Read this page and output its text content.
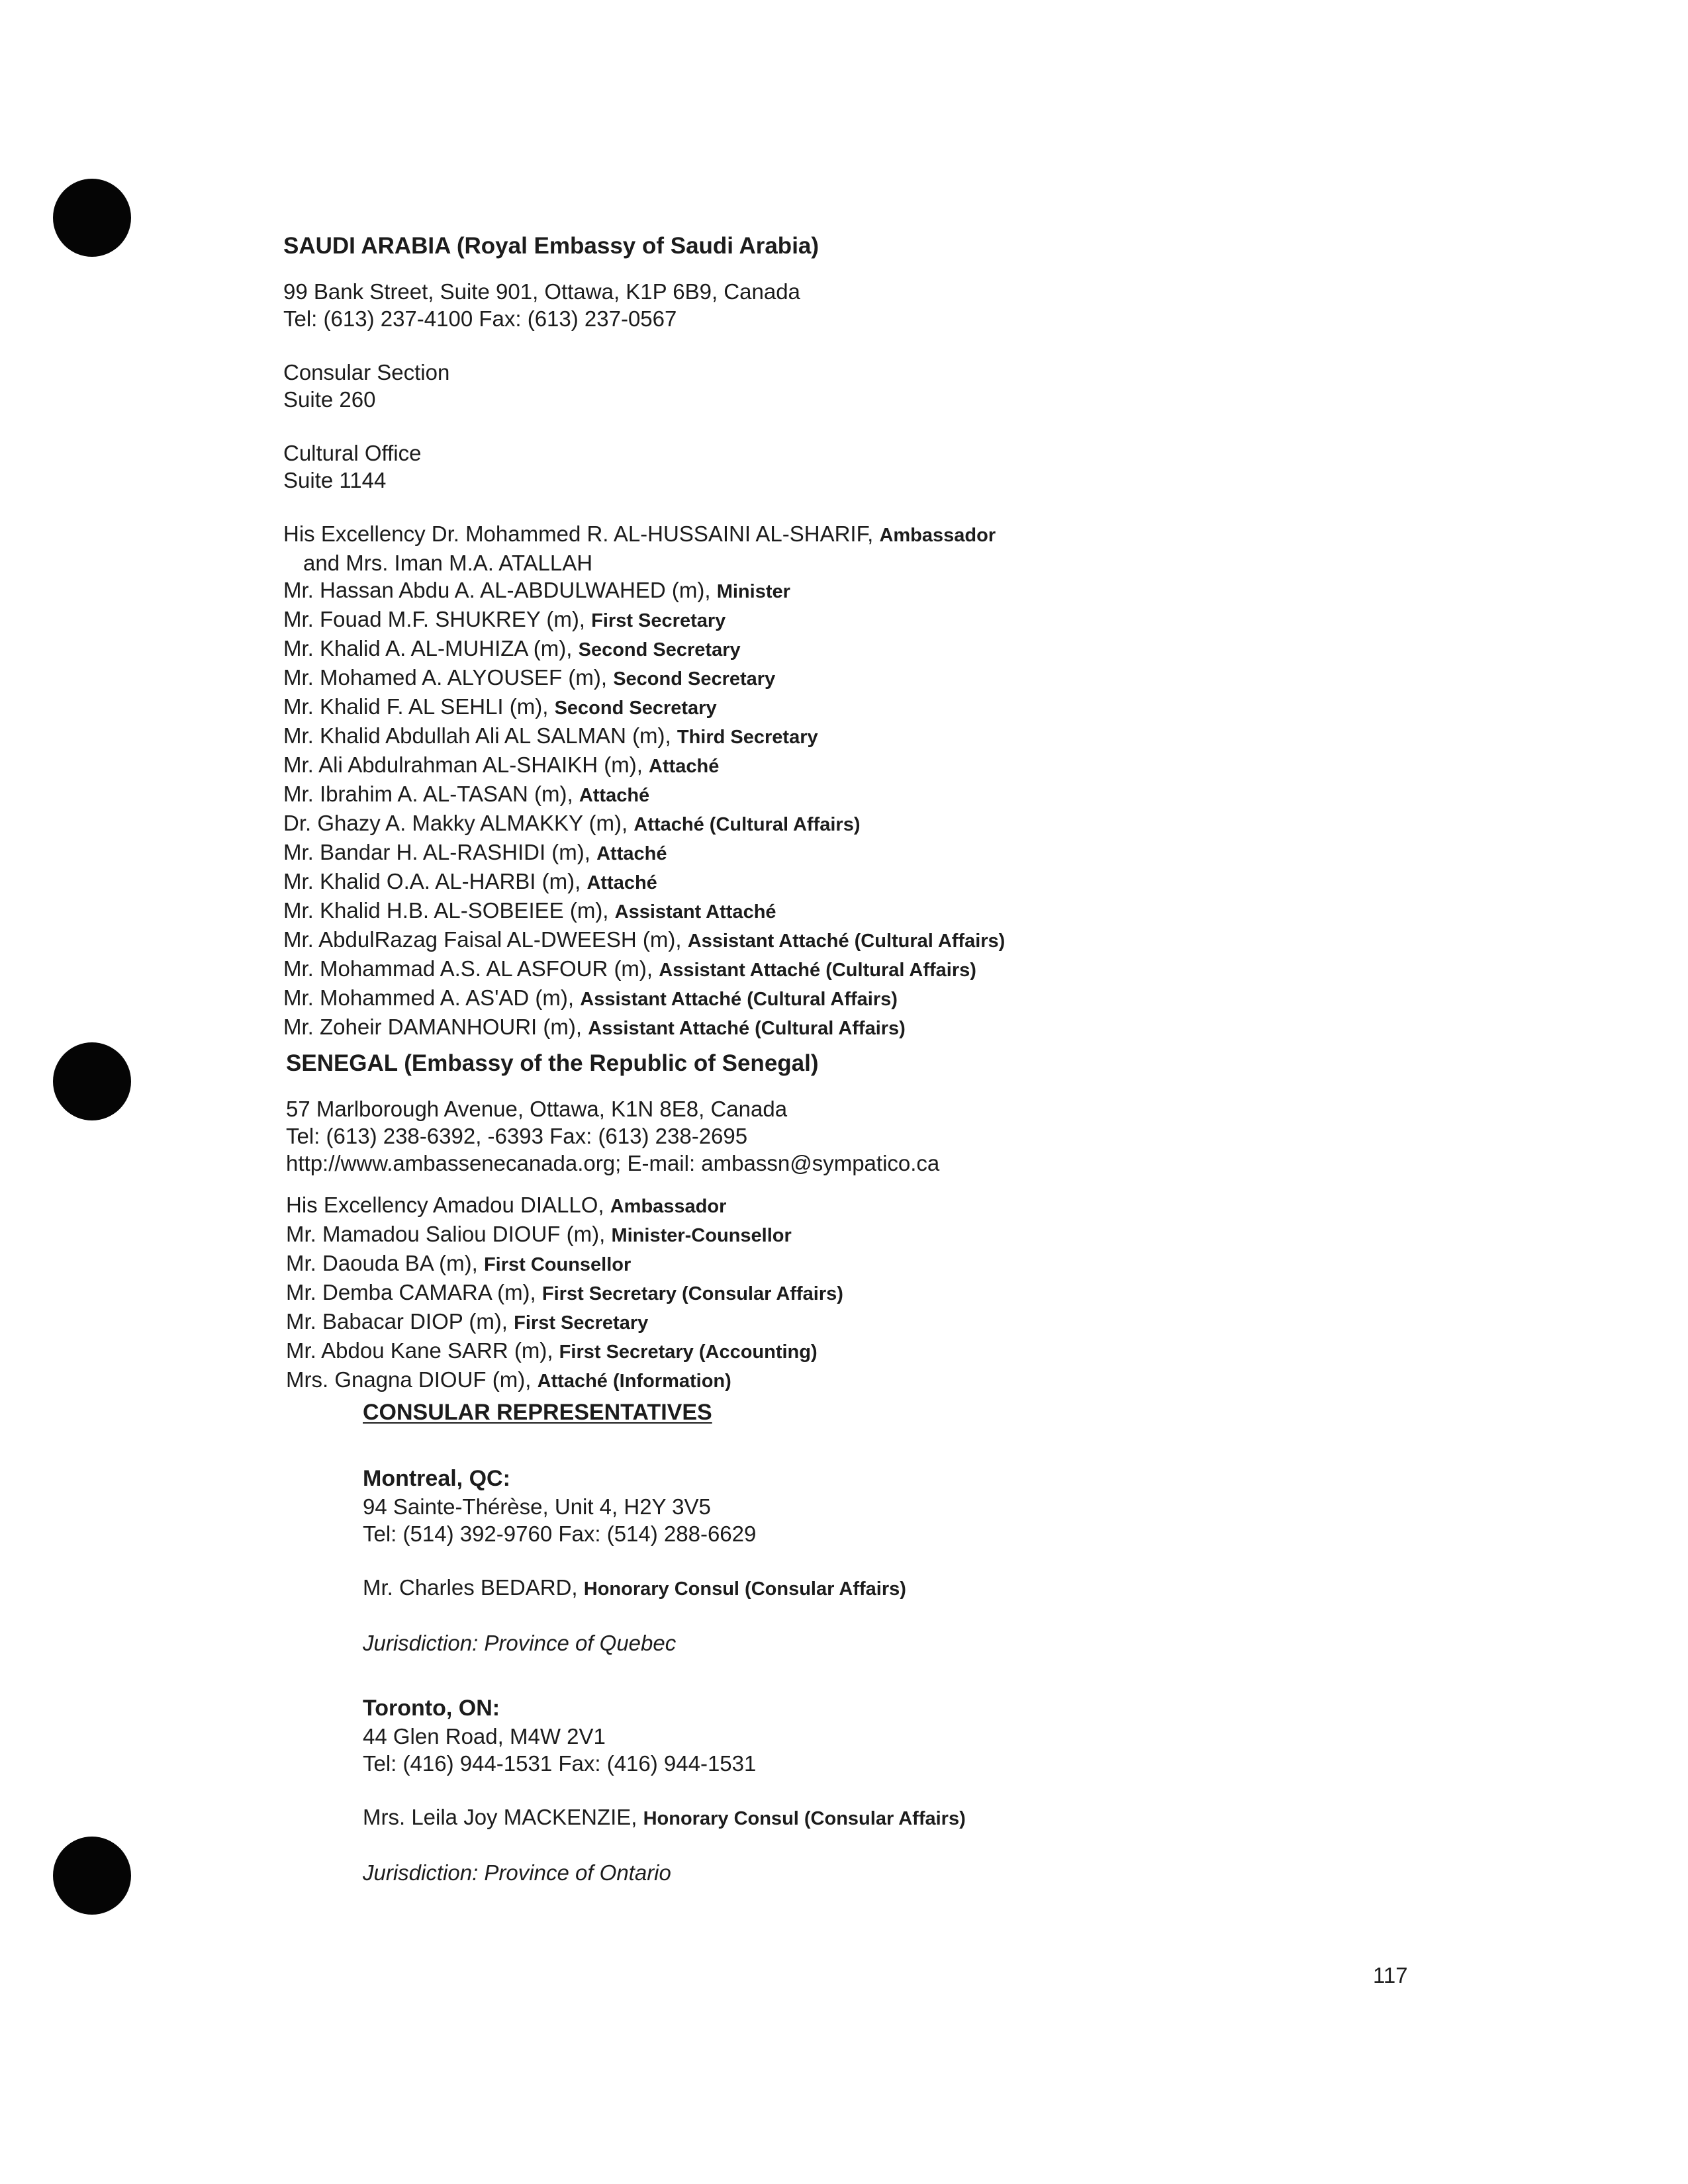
SAUDI ARABIA (Royal Embassy of Saudi Arabia)
99 Bank Street, Suite 901, Ottawa, K1P 6B9, Canada
Tel: (613) 237-4100 Fax: (613) 237-0567
Consular Section
Suite 260
Cultural Office
Suite 1144
His Excellency Dr. Mohammed R. AL-HUSSAINI AL-SHARIF, Ambassador
and Mrs. Iman M.A. ATALLAH
Mr. Hassan Abdu A. AL-ABDULWAHED (m), Minister
Mr. Fouad M.F. SHUKREY (m), First Secretary
Mr. Khalid A. AL-MUHIZA (m), Second Secretary
Mr. Mohamed A. ALYOUSEF (m), Second Secretary
Mr. Khalid F. AL SEHLI (m), Second Secretary
Mr. Khalid Abdullah Ali AL SALMAN (m), Third Secretary
Mr. Ali Abdulrahman AL-SHAIKH (m), Attaché
Mr. Ibrahim A. AL-TASAN (m), Attaché
Dr. Ghazy A. Makky ALMAKKY (m), Attaché (Cultural Affairs)
Mr. Bandar H. AL-RASHIDI (m), Attaché
Mr. Khalid O.A. AL-HARBI (m), Attaché
Mr. Khalid H.B. AL-SOBEIEE (m), Assistant Attaché
Mr. AbdulRazag Faisal AL-DWEESH (m), Assistant Attaché (Cultural Affairs)
Mr. Mohammad A.S. AL ASFOUR (m), Assistant Attaché (Cultural Affairs)
Mr. Mohammed A. AS'AD (m), Assistant Attaché (Cultural Affairs)
Mr. Zoheir DAMANHOURI (m), Assistant Attaché (Cultural Affairs)
SENEGAL (Embassy of the Republic of Senegal)
57 Marlborough Avenue, Ottawa, K1N 8E8, Canada
Tel: (613) 238-6392, -6393 Fax: (613) 238-2695
http://www.ambassenecanada.org; E-mail: ambassn@sympatico.ca
His Excellency Amadou DIALLO, Ambassador
Mr. Mamadou Saliou DIOUF (m), Minister-Counsellor
Mr. Daouda BA (m), First Counsellor
Mr. Demba CAMARA (m), First Secretary (Consular Affairs)
Mr. Babacar DIOP (m), First Secretary
Mr. Abdou Kane SARR (m), First Secretary (Accounting)
Mrs. Gnagna DIOUF (m), Attaché (Information)
CONSULAR REPRESENTATIVES
Montreal, QC:
94 Sainte-Thérèse, Unit 4, H2Y 3V5
Tel: (514) 392-9760 Fax: (514) 288-6629
Mr. Charles BEDARD, Honorary Consul (Consular Affairs)
Jurisdiction: Province of Quebec
Toronto, ON:
44 Glen Road, M4W 2V1
Tel: (416) 944-1531 Fax: (416) 944-1531
Mrs. Leila Joy MACKENZIE, Honorary Consul (Consular Affairs)
Jurisdiction: Province of Ontario
117
